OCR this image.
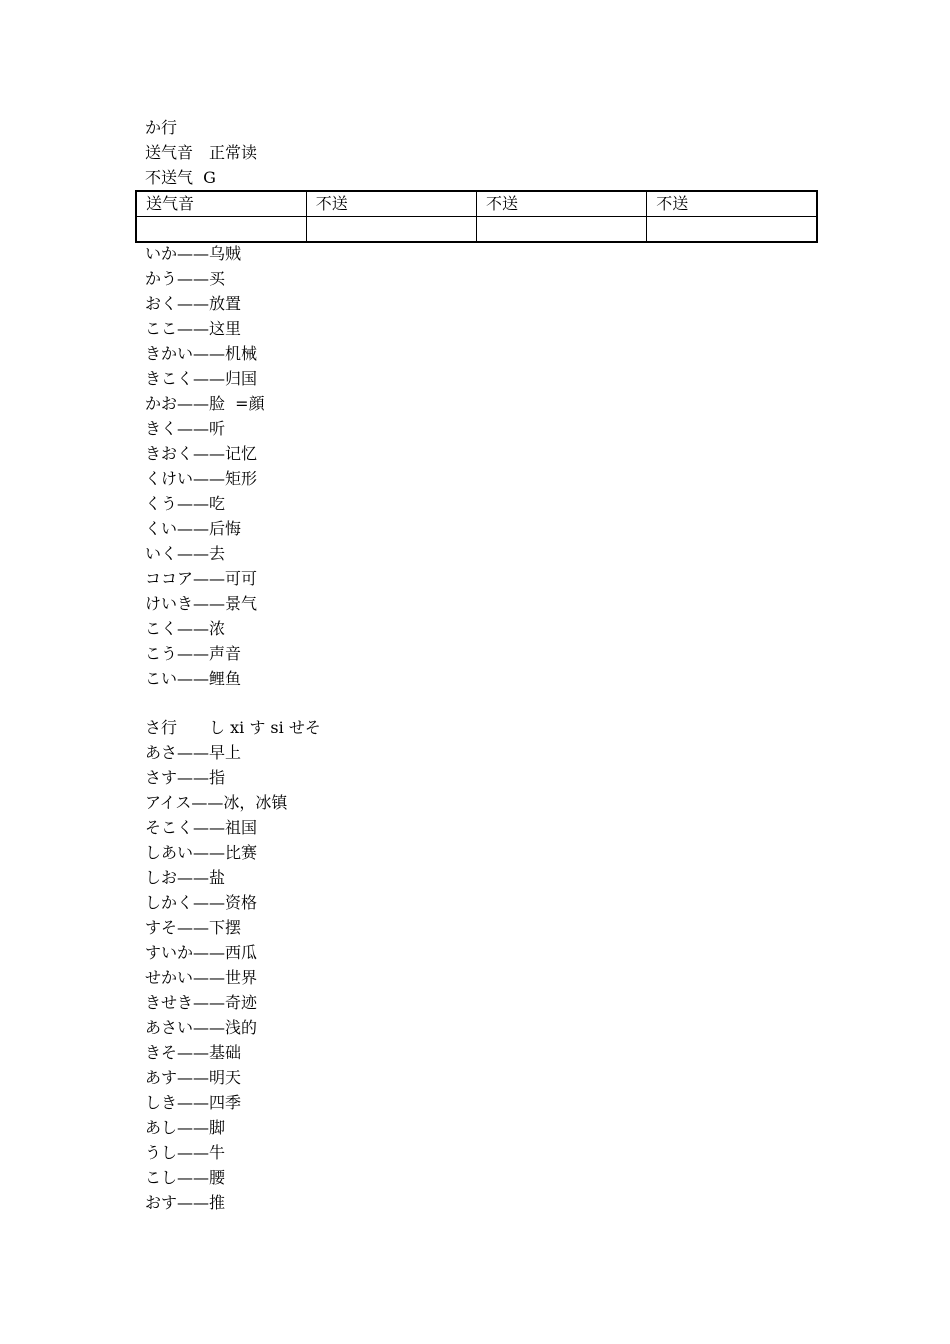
か行
送气音　正常读
不送气  G
送气音	不送	不送	不送

いか——乌贼
かう——买
おく——放置
ここ——这里
きかい——机械
きこく——归国
かお——脸  =顔
きく——听
きおく——记忆
くけい——矩形
くう——吃
くい——后悔
いく——去
ココア——可可
けいき——景气
こく——浓
こう——声音
こい——鲤鱼
さ行　　し xi す si せそ
あさ——早上
さす——指
アイス——冰，冰镇
そこく——祖国
しあい——比赛
しお——盐
しかく——资格
すそ——下摆
すいか——西瓜
せかい——世界
きせき——奇迹
あさい——浅的
きそ——基础
あす——明天
しき——四季
あし——脚
うし——牛
こし——腰
おす——推
